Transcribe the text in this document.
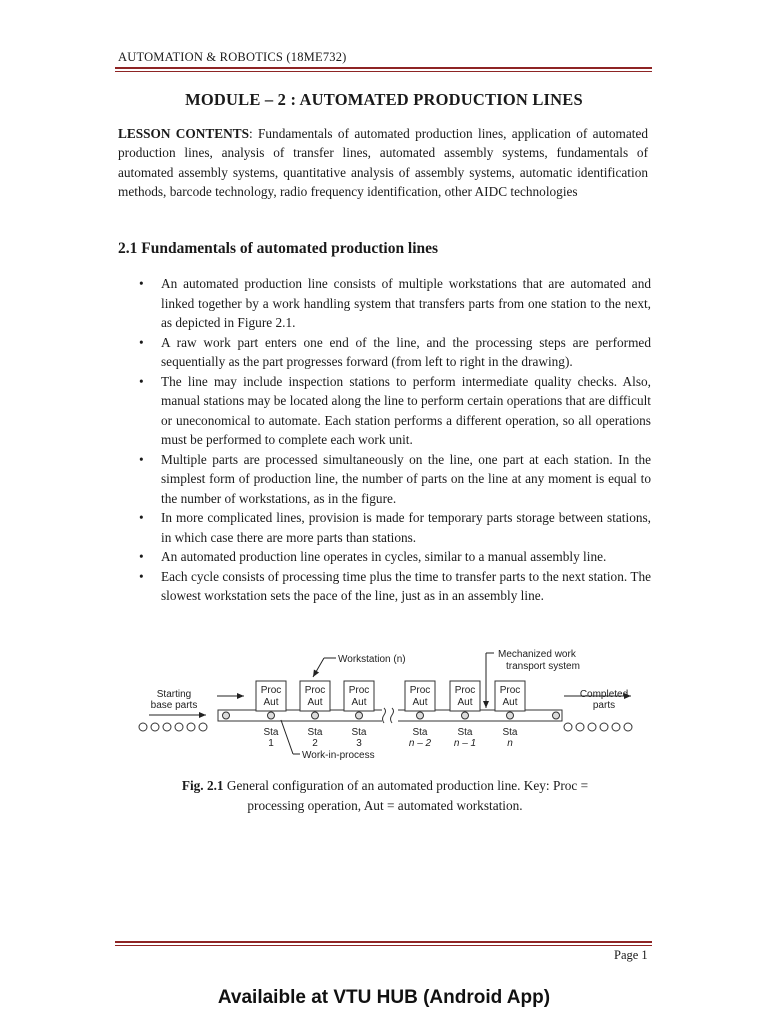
AUTOMATION & ROBOTICS (18ME732)
MODULE – 2 : AUTOMATED PRODUCTION LINES
LESSON CONTENTS: Fundamentals of automated production lines, application of automated production lines, analysis of transfer lines, automated assembly systems, fundamentals of automated assembly systems, quantitative analysis of assembly systems, automatic identification methods, barcode technology, radio frequency identification, other AIDC technologies
2.1 Fundamentals of automated production lines
• An automated production line consists of multiple workstations that are automated and linked together by a work handling system that transfers parts from one station to the next, as depicted in Figure 2.1.
• A raw work part enters one end of the line, and the processing steps are performed sequentially as the part progresses forward (from left to right in the drawing).
• The line may include inspection stations to perform intermediate quality checks. Also, manual stations may be located along the line to perform certain operations that are difficult or uneconomical to automate. Each station performs a different operation, so all operations must be performed to complete each work unit.
• Multiple parts are processed simultaneously on the line, one part at each station. In the simplest form of production line, the number of parts on the line at any moment is equal to the number of workstations, as in the figure.
• In more complicated lines, provision is made for temporary parts storage between stations, in which case there are more parts than stations.
• An automated production line operates in cycles, similar to a manual assembly line.
• Each cycle consists of processing time plus the time to transfer parts to the next station. The slowest workstation sets the pace of the line, just as in an assembly line.
Starting
base parts
Completed
parts
Workstation (n)	Mechanized work
transport system
Proc
Aut
Sta
1
Proc
Aut
Sta
2
Proc
Aut
Sta
3
Proc
Aut
Sta
n – 2
Proc
Aut
Sta
n – 1
Proc
Aut
Sta
n
Work-in-process
Fig. 2.1 General configuration of an automated production line. Key: Proc = processing operation, Aut = automated workstation.
Page 1
Availaible at VTU HUB (Android App)
